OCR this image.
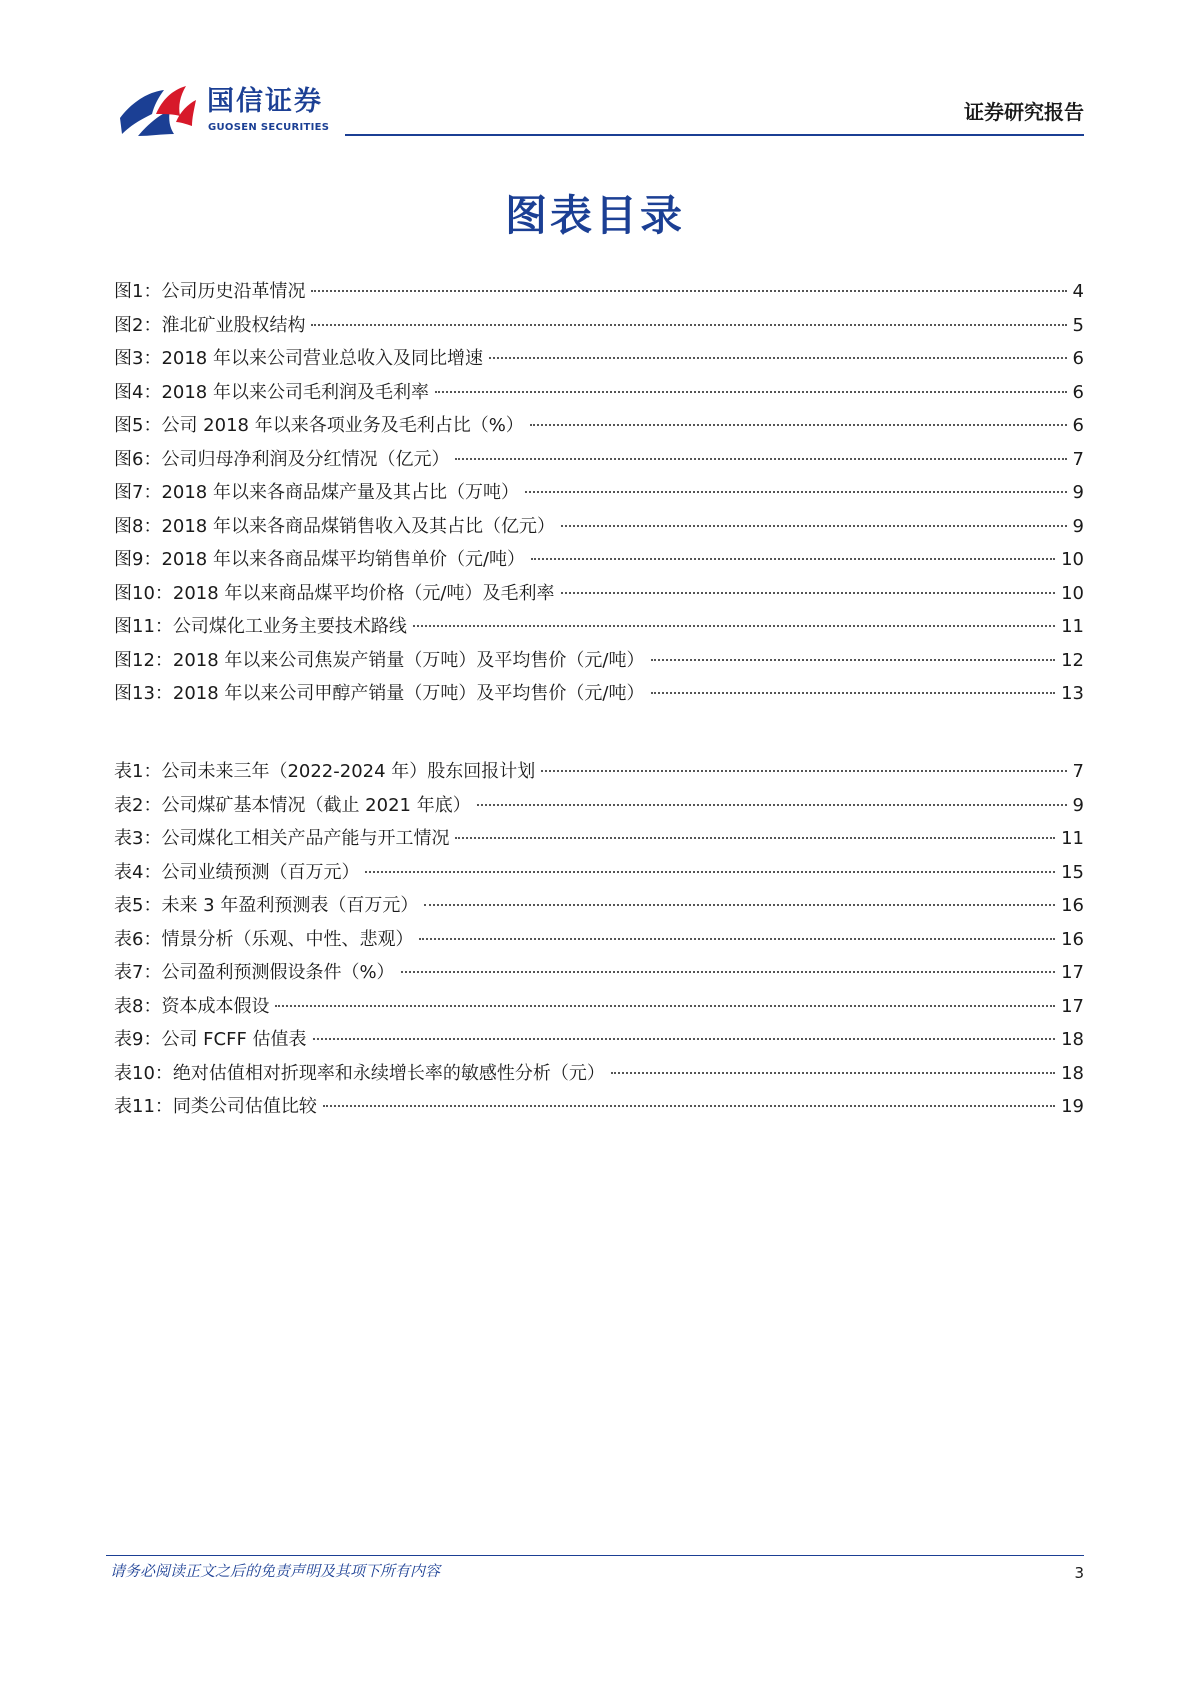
国信证券
GUOSEN SECURITIES
证券研究报告
图表目录
图1 ： 公司历史沿革情况	4
图2 ： 淮北矿业股权结构	5
图3 ： 2018 年以来公司营业总收入及同比增速	6
图4 ： 2018 年以来公司毛利润及毛利率	6
图5 ： 公司 2018 年以来各项业务及毛利占比（%）	6
图6 ： 公司归母净利润及分红情况（亿元）	7
图7 ： 2018 年以来各商品煤产量及其占比（万吨）	9
图8 ： 2018 年以来各商品煤销售收入及其占比（亿元）	9
图9 ： 2018 年以来各商品煤平均销售单价（元/吨）	10
图10 ： 2018 年以来商品煤平均价格（元/吨）及毛利率	10
图11 ： 公司煤化工业务主要技术路线	11
图12 ： 2018 年以来公司焦炭产销量（万吨）及平均售价（元/吨）	12
图13 ： 2018 年以来公司甲醇产销量（万吨）及平均售价（元/吨）	13
表1 ： 公司未来三年（2022-2024 年）股东回报计划	7
表2 ： 公司煤矿基本情况（截止 2021 年底）	9
表3 ： 公司煤化工相关产品产能与开工情况	11
表4 ： 公司业绩预测（百万元）	15
表5 ： 未来 3 年盈利预测表（百万元）	16
表6 ： 情景分析（乐观、中性、悲观）	16
表7 ： 公司盈利预测假设条件（%）	17
表8 ： 资本成本假设	17
表9 ： 公司 FCFF 估值表	18
表10 ： 绝对估值相对折现率和永续增长率的敏感性分析（元）	18
表11 ： 同类公司估值比较	19
请务必阅读正文之后的免责声明及其项下所有内容	3
